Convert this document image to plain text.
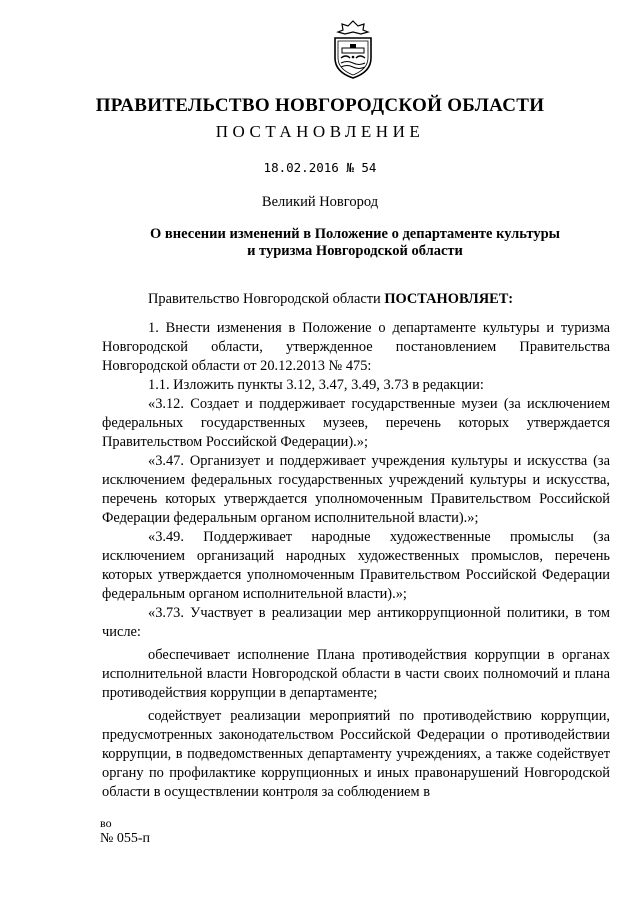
ПРАВИТЕЛЬСТВО НОВГОРОДСКОЙ ОБЛАСТИ
ПОСТАНОВЛЕНИЕ
18.02.2016 № 54
Великий Новгород
О внесении изменений в Положение о департаменте культуры
и туризма Новгородской области

Правительство Новгородской области ПОСТАНОВЛЯЕТ:

1. Внести изменения в Положение о департаменте культуры и туризма Новгородской области, утвержденное постановлением Правительства Новгородской области от 20.12.2013 № 475:

1.1. Изложить пункты 3.12, 3.47, 3.49, 3.73 в редакции:

«3.12. Создает и поддерживает государственные музеи (за исключением федеральных государственных музеев, перечень которых утверждается Правительством Российской Федерации).»;

«3.47. Организует и поддерживает учреждения культуры и искусства (за исключением федеральных государственных учреждений культуры и искусства, перечень которых утверждается уполномоченным Правительством Российской Федерации федеральным органом исполнительной власти).»;

«3.49. Поддерживает народные художественные промыслы (за исключением организаций народных художественных промыслов, перечень которых утверждается уполномоченным Правительством Российской Федерации федеральным органом исполнительной власти).»;

«3.73. Участвует в реализации мер антикоррупционной политики, в том числе:

обеспечивает исполнение Плана противодействия коррупции в органах исполнительной власти Новгородской области в части своих полномочий и плана противодействия коррупции в департаменте;

содействует реализации мероприятий по противодействию коррупции, предусмотренных законодательством Российской Федерации о противодействии коррупции, в подведомственных департаменту учреждениях, а также содействует органу по профилактике коррупционных и иных правонарушений Новгородской области в осуществлении контроля за соблюдением в

во
№ 055-п
